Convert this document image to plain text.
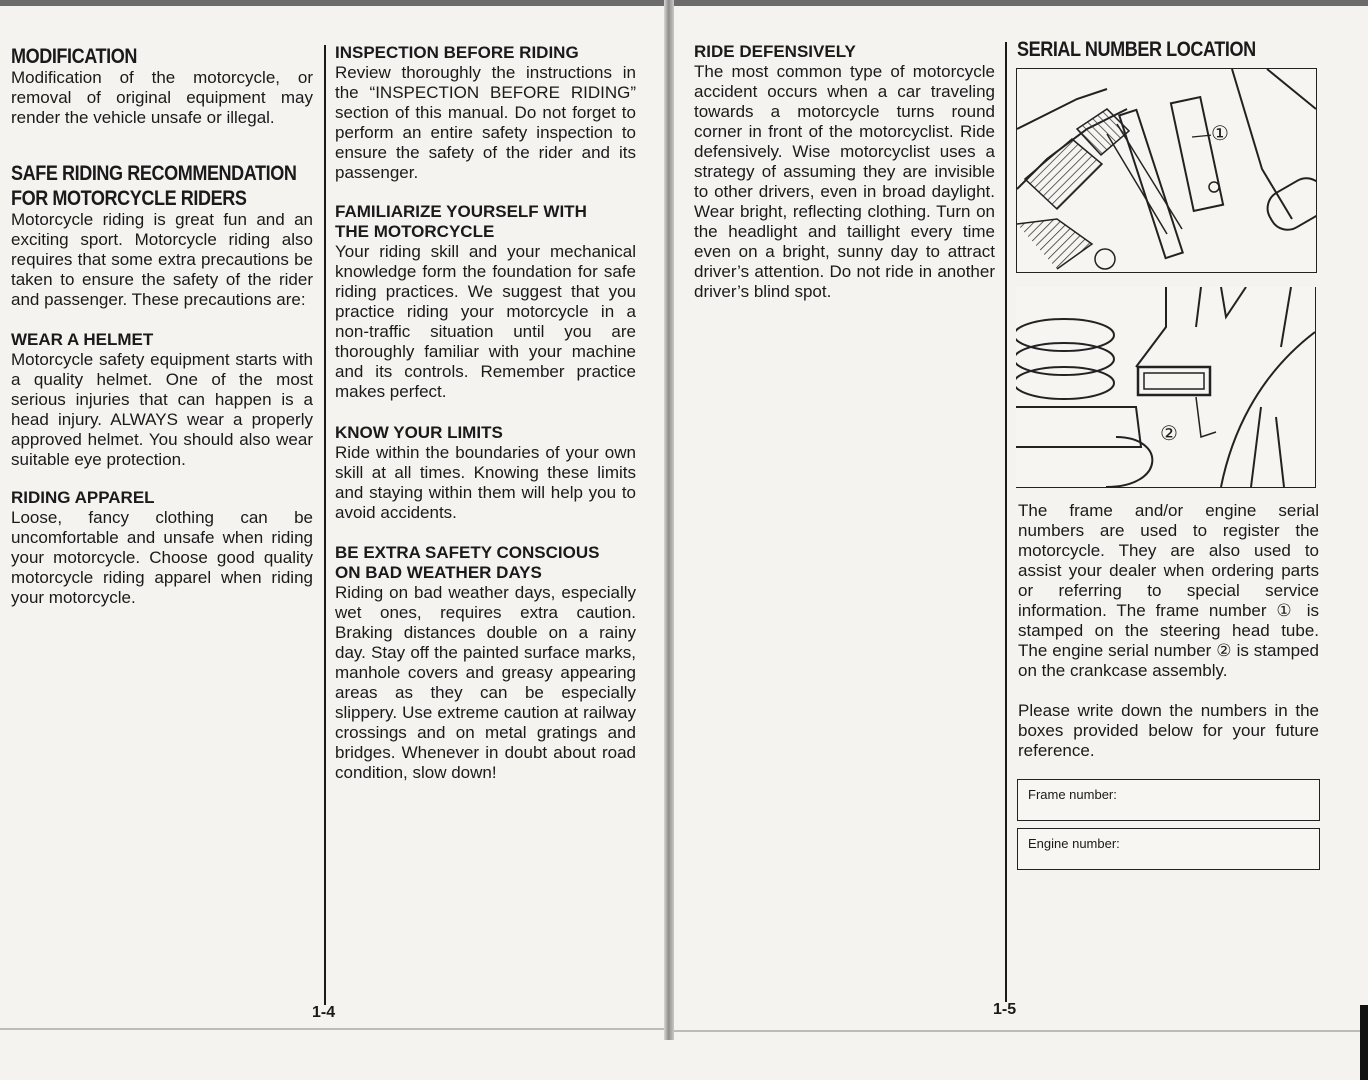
MODIFICATION

Modification of the motorcycle, or removal of original equipment may render the vehicle unsafe or illegal.

SAFE RIDING RECOMMENDATION
FOR MOTORCYCLE RIDERS

Motorcycle riding is great fun and an exciting sport. Motorcycle riding also requires that some extra precautions be taken to ensure the safety of the rider and passenger. These precautions are:

WEAR A HELMET

Motorcycle safety equipment starts with a quality helmet. One of the most serious injuries that can happen is a head injury. ALWAYS wear a properly approved helmet. You should also wear suitable eye protection.

RIDING APPAREL

Loose, fancy clothing can be uncomfortable and unsafe when riding your motorcycle. Choose good quality motorcycle riding apparel when riding your motorcycle.

INSPECTION BEFORE RIDING

Review thoroughly the instructions in the “INSPECTION BEFORE RIDING” section of this manual. Do not forget to perform an entire safety inspection to ensure the safety of the rider and its passenger.

FAMILIARIZE YOURSELF WITH
THE MOTORCYCLE

Your riding skill and your mechanical knowledge form the foundation for safe riding practices. We suggest that you practice riding your motorcycle in a non-traffic situation until you are thoroughly familiar with your machine and its controls. Remember practice makes perfect.

KNOW YOUR LIMITS

Ride within the boundaries of your own skill at all times. Knowing these limits and staying within them will help you to avoid accidents.

BE EXTRA SAFETY CONSCIOUS
ON BAD WEATHER DAYS

Riding on bad weather days, especially wet ones, requires extra caution. Braking distances double on a rainy day. Stay off the painted surface marks, manhole covers and greasy appearing areas as they can be especially slippery. Use extreme caution at railway crossings and on metal gratings and bridges. Whenever in doubt about road condition, slow down!

1-4
RIDE DEFENSIVELY

The most common type of motorcycle accident occurs when a car traveling towards a motorcycle turns round corner in front of the motorcyclist. Ride defensively. Wise motorcyclist uses a strategy of assuming they are invisible to other drivers, even in broad daylight. Wear bright, reflecting clothing. Turn on the headlight and taillight every time even on a bright, sunny day to attract driver’s attention. Do not ride in another driver’s blind spot.

SERIAL NUMBER LOCATION
①
②

The frame and/or engine serial numbers are used to register the motorcycle. They are also used to assist your dealer when ordering parts or referring to special service information. The frame number ① is stamped on the steering head tube. The engine serial number ② is stamped on the crankcase assembly.

Please write down the numbers in the boxes provided below for your future reference.

Frame number:
Engine number:
1-5
